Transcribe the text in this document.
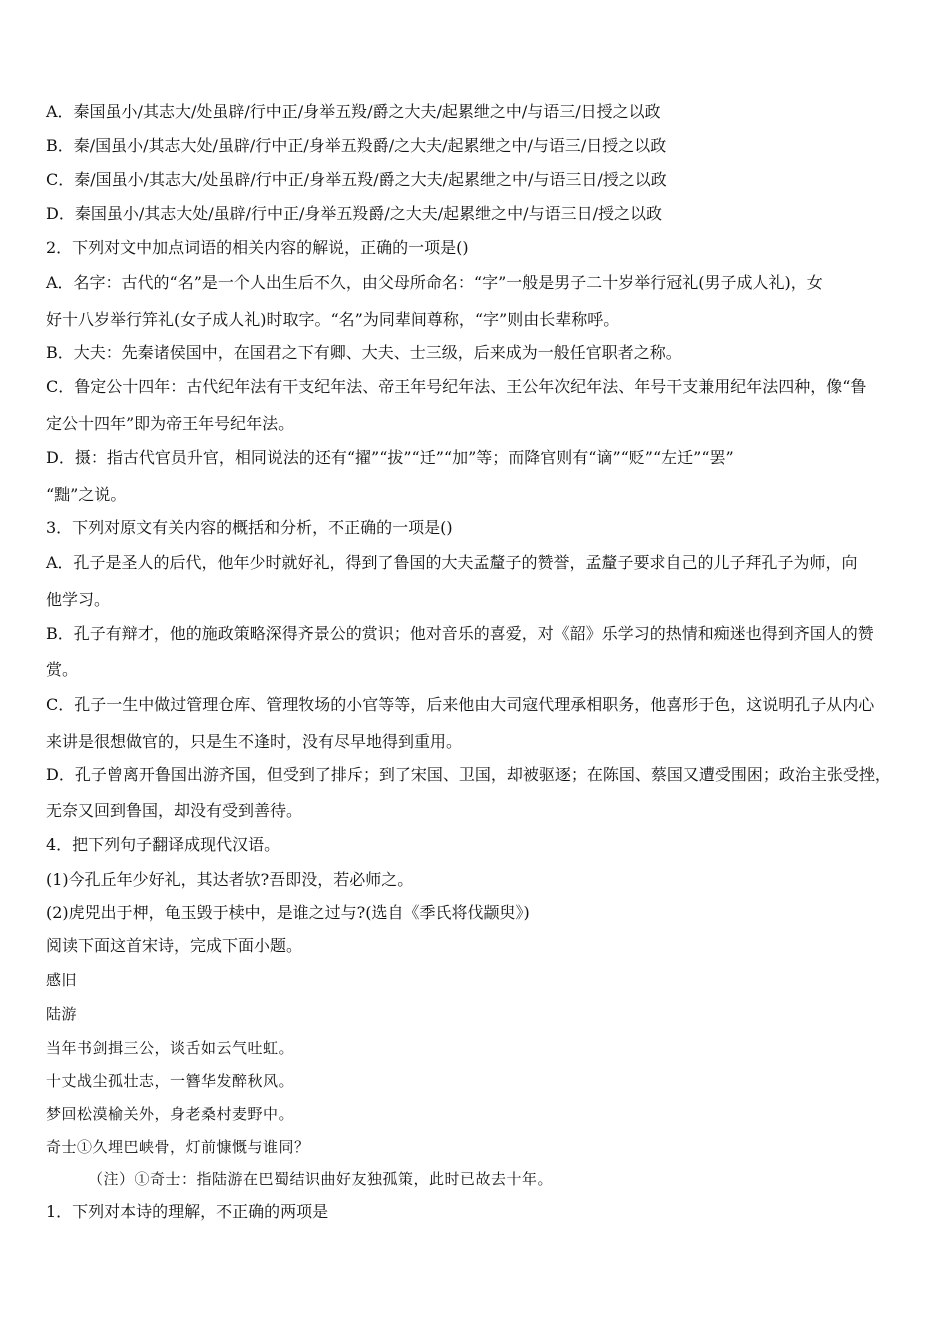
A．秦国虽小/其志大/处虽辟/行中正/身举五羖/爵之大夫/起累绁之中/与语三/日授之以政
B．秦/国虽小/其志大处/虽辟/行中正/身举五羖爵/之大夫/起累绁之中/与语三/日授之以政
C．秦/国虽小/其志大/处虽辟/行中正/身举五羖/爵之大夫/起累绁之中/与语三日/授之以政
D．秦国虽小/其志大处/虽辟/行中正/身举五羖爵/之大夫/起累绁之中/与语三日/授之以政
2．下列对文中加点词语的相关内容的解说，正确的一项是()
A．名字：古代的“名”是一个人出生后不久，由父母所命名：“字”一般是男子二十岁举行冠礼(男子成人礼)，女
好十八岁举行笄礼(女子成人礼)时取字。“名”为同辈间尊称，“字”则由长辈称呼。
B．大夫：先秦诸侯国中，在国君之下有卿、大夫、士三级，后来成为一般任官职者之称。
C．鲁定公十四年：古代纪年法有干支纪年法、帝王年号纪年法、王公年次纪年法、年号干支兼用纪年法四种，像“鲁
定公十四年”即为帝王年号纪年法。
D．摄：指古代官员升官，相同说法的还有“擢”“拔”“迁”“加”等；而降官则有“谪”“贬”“左迁”“罢”
“黜”之说。
3．下列对原文有关内容的概括和分析，不正确的一项是()
A．孔子是圣人的后代，他年少时就好礼，得到了鲁国的大夫孟釐子的赞誉，孟釐子要求自己的儿子拜孔子为师，向
他学习。
B．孔子有辩才，他的施政策略深得齐景公的赏识；他对音乐的喜爱，对《韶》乐学习的热情和痴迷也得到齐国人的赞
赏。
C．孔子一生中做过管理仓库、管理牧场的小官等等，后来他由大司寇代理承相职务，他喜形于色，这说明孔子从内心
来讲是很想做官的，只是生不逢时，没有尽早地得到重用。
D．孔子曾离开鲁国出游齐国，但受到了排斥；到了宋国、卫国，却被驱逐；在陈国、蔡国又遭受围困；政治主张受挫，
无奈又回到鲁国，却没有受到善待。
4．把下列句子翻译成现代汉语。
(1)今孔丘年少好礼，其达者欤?吾即没，若必师之。
(2)虎兕出于柙，龟玉毁于椟中，是谁之过与?(选自《季氏将伐颛臾》)
阅读下面这首宋诗，完成下面小题。
感旧
陆游
当年书剑揖三公，谈舌如云气吐虹。
十丈战尘孤壮志，一簪华发醉秋风。
梦回松漠榆关外，身老桑村麦野中。
奇士①久埋巴峡骨，灯前慷慨与谁同？
（注）①奇士：指陆游在巴蜀结识曲好友独孤策，此时已故去十年。
1．下列对本诗的理解，不正确的两项是
